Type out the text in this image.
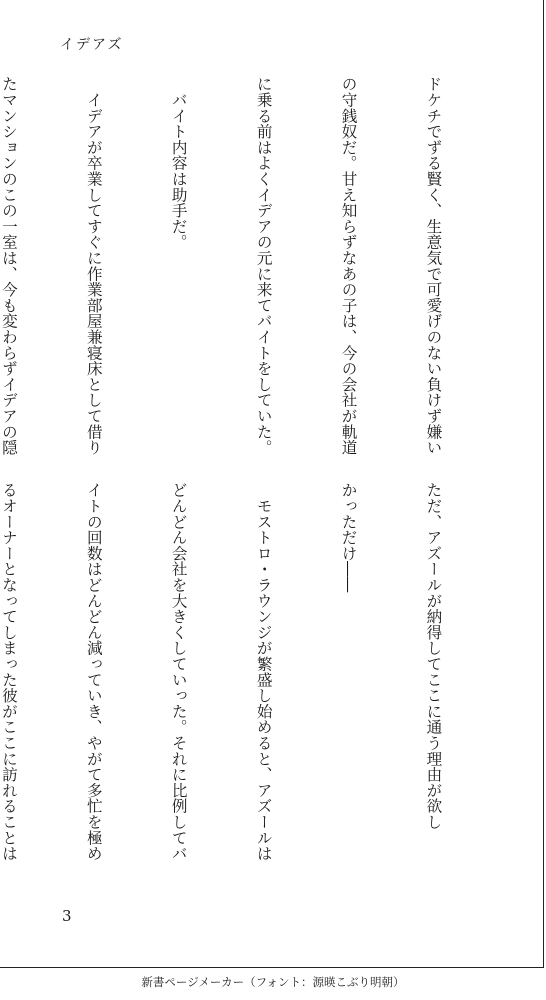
イデアズ

ドケチでずる賢く、生意気で可愛げのない負けず嫌い

の守銭奴だ。甘え知らずなあの子は、今の会社が軌道

に乗る前はよくイデアの元に来てバイトをしていた。

　バイト内容は助手だ。

　イデアが卒業してすぐに作業部屋兼寝床として借り

たマンションのこの一室は、今も変わらずイデアの隠

ただ、アズールが納得してここに通う理由が欲し

かっただけ――

　モストロ・ラウンジが繁盛し始めると、アズールは

どんどん会社を大きくしていった。それに比例してバ

イトの回数はどんどん減っていき、やがて多忙を極め

るオーナーとなってしまった彼がここに訪れることは

3
新書ページメーカー（フォント：源暎こぶり明朝）
